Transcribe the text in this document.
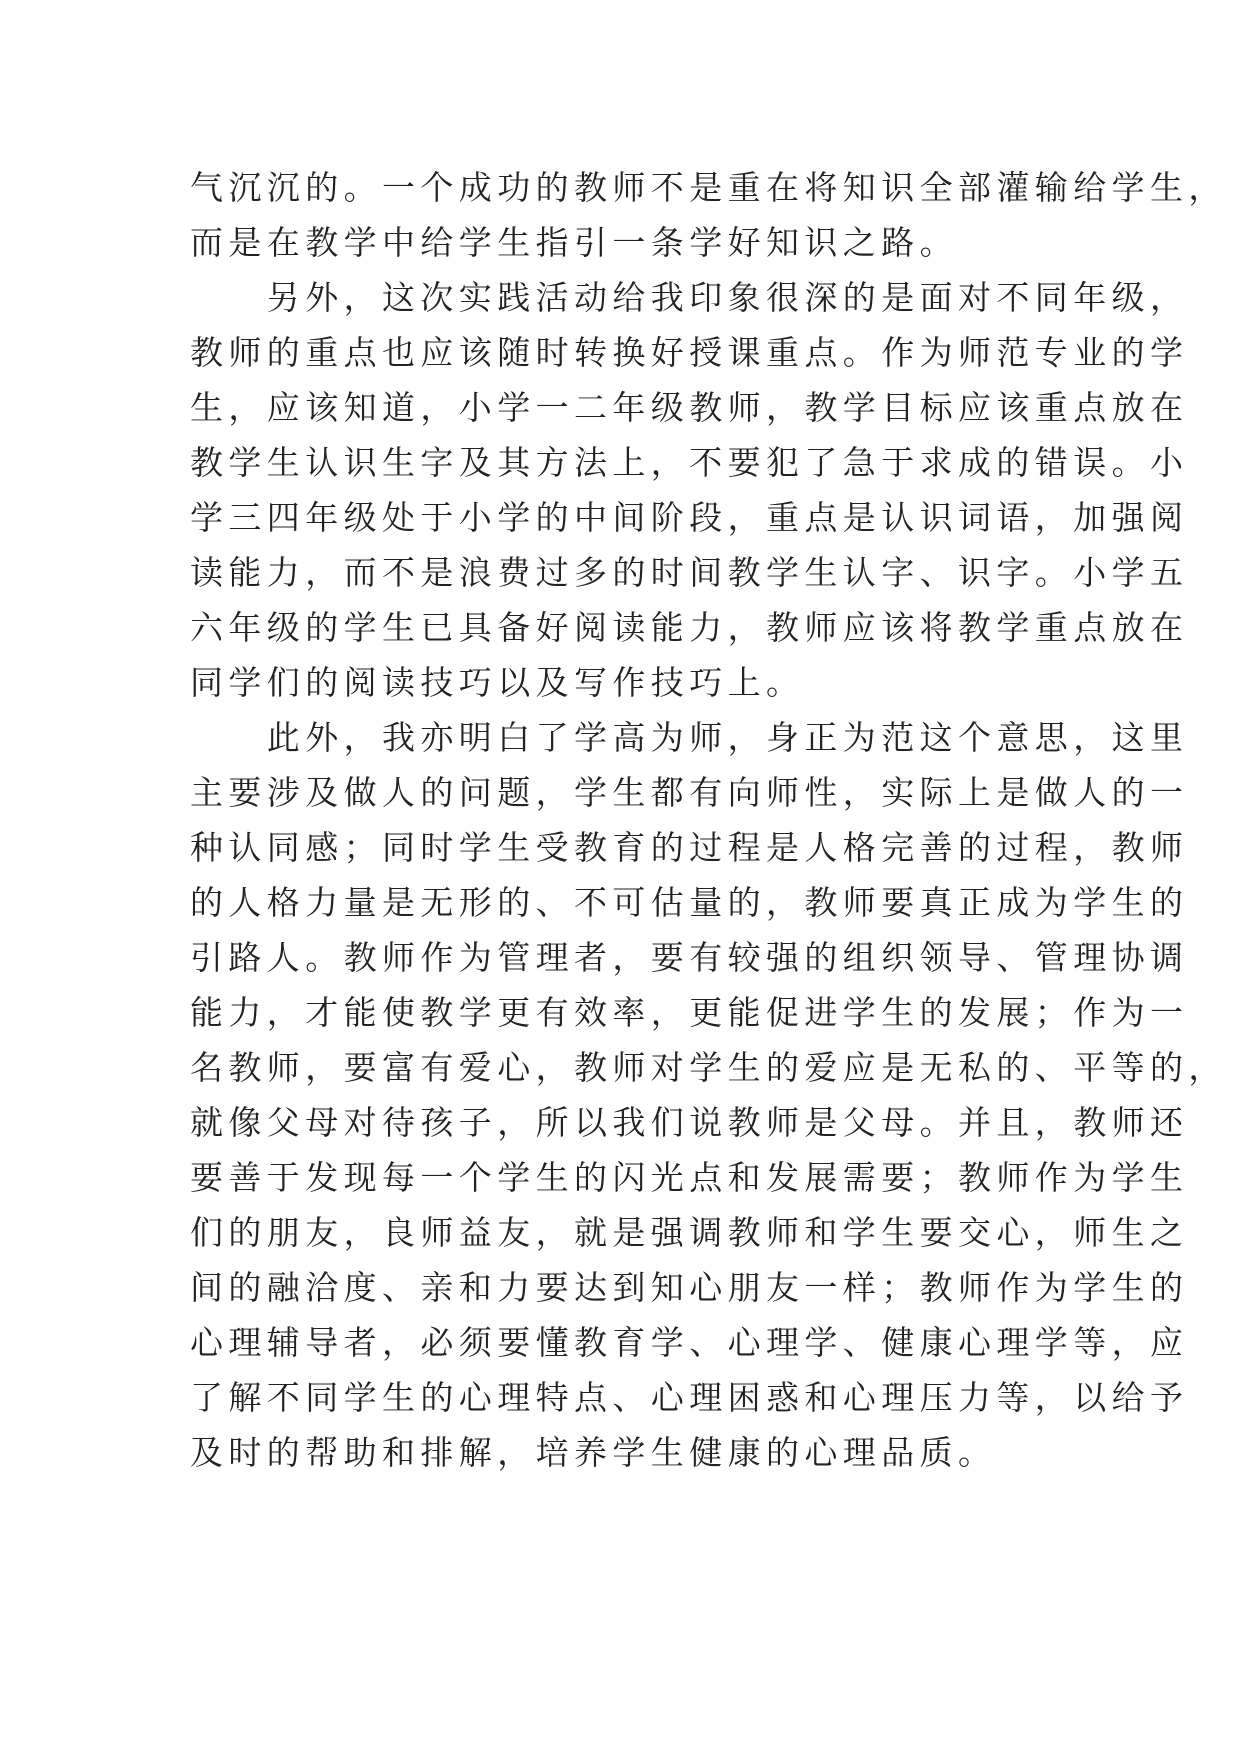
气沉沉的。一个成功的教师不是重在将知识全部灌输给学生，
而是在教学中给学生指引一条学好知识之路。
　　另外，这次实践活动给我印象很深的是面对不同年级，
教师的重点也应该随时转换好授课重点。作为师范专业的学
生，应该知道，小学一二年级教师，教学目标应该重点放在
教学生认识生字及其方法上，不要犯了急于求成的错误。小
学三四年级处于小学的中间阶段，重点是认识词语，加强阅
读能力，而不是浪费过多的时间教学生认字、识字。小学五
六年级的学生已具备好阅读能力，教师应该将教学重点放在
同学们的阅读技巧以及写作技巧上。
　　此外，我亦明白了学高为师，身正为范这个意思，这里
主要涉及做人的问题，学生都有向师性，实际上是做人的一
种认同感；同时学生受教育的过程是人格完善的过程，教师
的人格力量是无形的、不可估量的，教师要真正成为学生的
引路人。教师作为管理者，要有较强的组织领导、管理协调
能力，才能使教学更有效率，更能促进学生的发展；作为一
名教师，要富有爱心，教师对学生的爱应是无私的、平等的，
就像父母对待孩子，所以我们说教师是父母。并且，教师还
要善于发现每一个学生的闪光点和发展需要；教师作为学生
们的朋友，良师益友，就是强调教师和学生要交心，师生之
间的融洽度、亲和力要达到知心朋友一样；教师作为学生的
心理辅导者，必须要懂教育学、心理学、健康心理学等，应
了解不同学生的心理特点、心理困惑和心理压力等，以给予
及时的帮助和排解，培养学生健康的心理品质。
